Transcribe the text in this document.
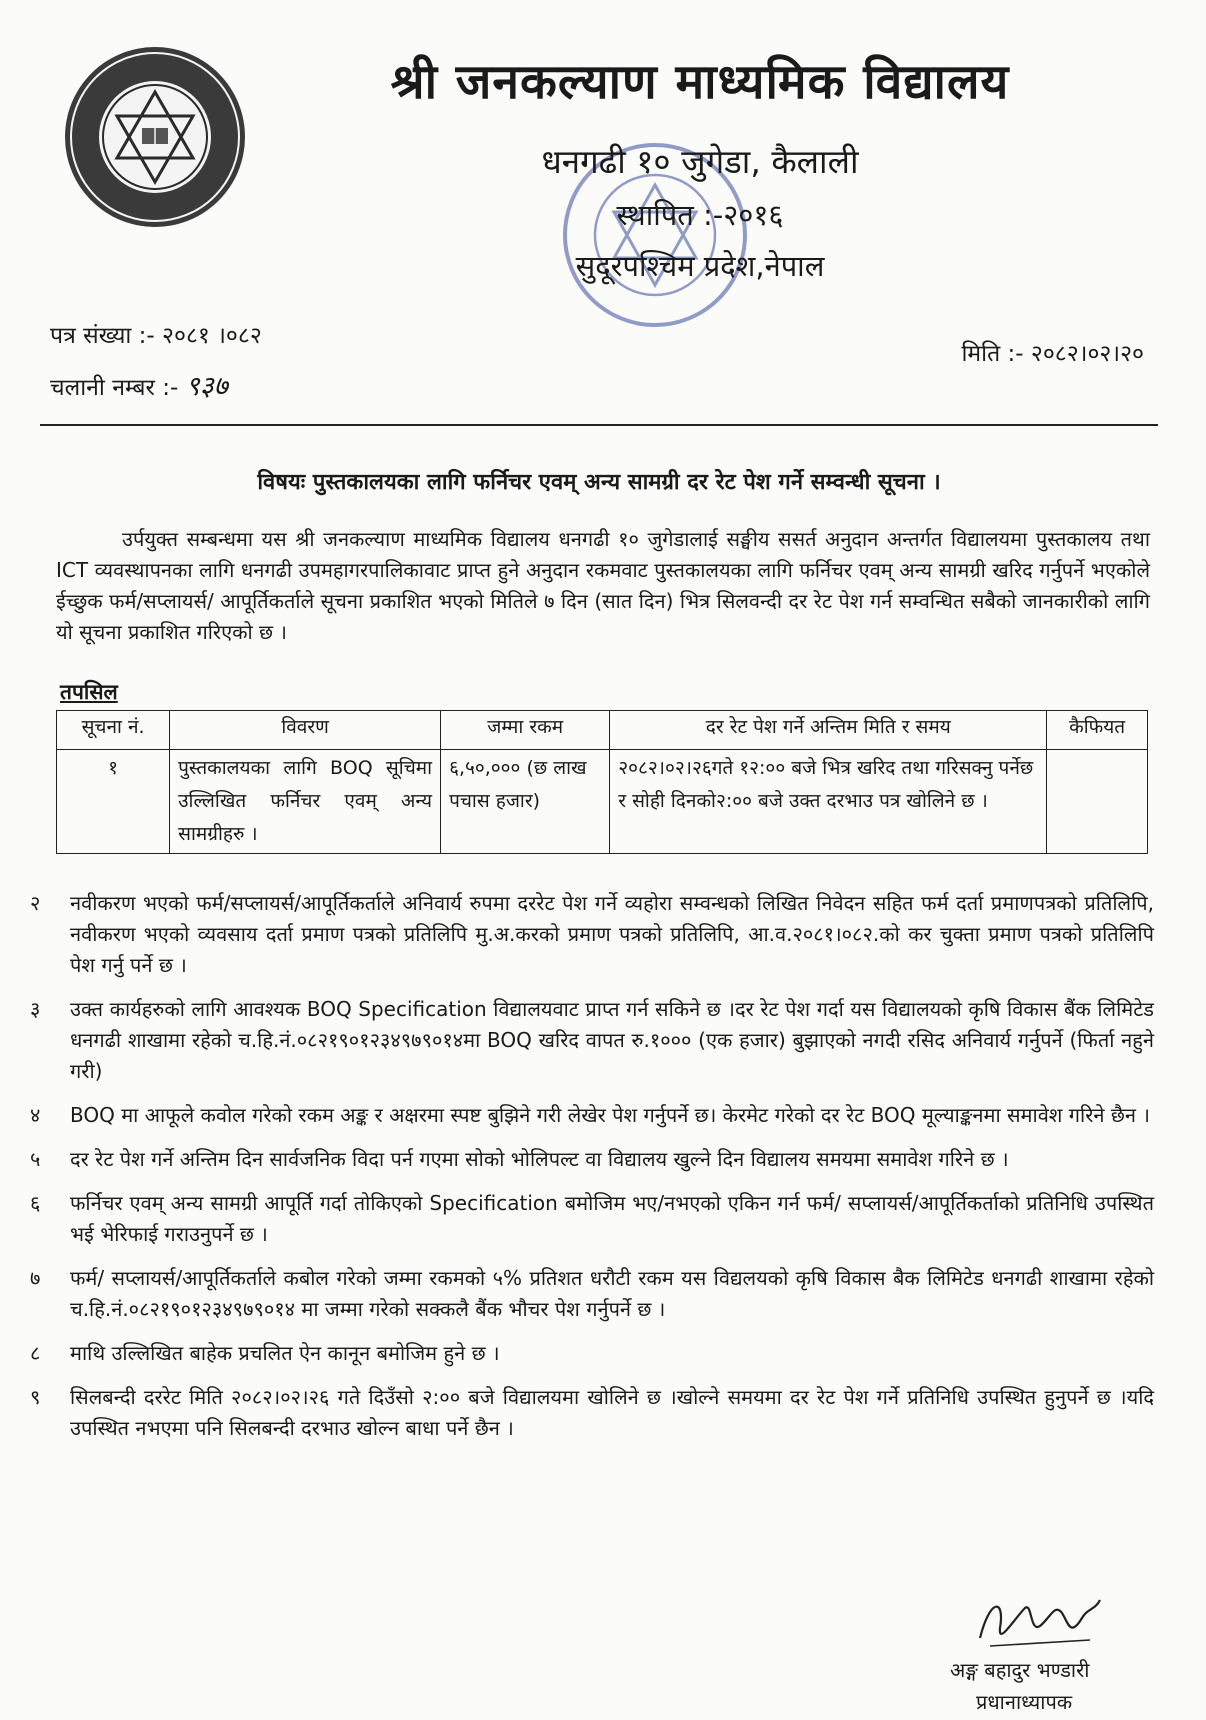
श्री जनकल्याण माध्यमिक विद्यालय
धनगढी १० जुगेडा, कैलाली
स्थापित :-२०१६
सुदूरपश्चिम प्रदेश,नेपाल
पत्र संख्या :- २०८१ ।०८२
चलानी नम्बर :- ९३७
मिति :- २०८२।०२।२०
विषयः पुस्तकालयका लागि फर्निचर एवम् अन्य सामग्री दर रेट पेश गर्ने सम्वन्धी सूचना ।
उर्पयुक्त सम्बन्धमा यस श्री जनकल्याण माध्यमिक विद्यालय धनगढी १० जुगेडालाई सङ्घीय ससर्त अनुदान अन्तर्गत विद्यालयमा पुस्तकालय तथा ICT व्यवस्थापनका लागि धनगढी उपमहागरपालिकावाट प्राप्त हुने अनुदान रकमवाट पुस्तकालयका लागि फर्निचर एवम् अन्य सामग्री खरिद गर्नुपर्ने भएकोले ईच्छुक फर्म/सप्लायर्स/ आपूर्तिकर्ताले सूचना प्रकाशित भएको मितिले ७ दिन (सात दिन) भित्र सिलवन्दी दर रेट पेश गर्न सम्वन्धित सबैको जानकारीको लागि यो सूचना प्रकाशित गरिएको छ ।
तपसिल
सूचना नं.	विवरण	जम्मा रकम	दर रेट पेश गर्ने अन्तिम मिति र समय	कैफियत
१	पुस्तकालयका लागि BOQ सूचिमा उल्लिखित फर्निचर एवम् अन्य सामग्रीहरु ।	६,५०,००० (छ लाख पचास हजार)	२०८२।०२।२६गते १२:०० बजे भित्र खरिद तथा गरिसक्नु पर्नेछ र सोही दिनको२:०० बजे उक्त दरभाउ पत्र खोलिने छ ।	
२ नवीकरण भएको फर्म/सप्लायर्स/आपूर्तिकर्ताले अनिवार्य रुपमा दररेट पेश गर्ने व्यहोरा सम्वन्धको लिखित निवेदन सहित फर्म दर्ता प्रमाणपत्रको प्रतिलिपि, नवीकरण भएको व्यवसाय दर्ता प्रमाण पत्रको प्रतिलिपि मु.अ.करको प्रमाण पत्रको प्रतिलिपि, आ.व.२०८१।०८२.को कर चुक्ता प्रमाण पत्रको प्रतिलिपि पेश गर्नु पर्ने छ ।
३ उक्त कार्यहरुको लागि आवश्यक BOQ Specification विद्यालयवाट प्राप्त गर्न सकिने छ ।दर रेट पेश गर्दा यस विद्यालयको कृषि विकास बैंक लिमिटेड धनगढी शाखामा रहेको च.हि.नं.०८२१९०१२३४९७९०१४मा BOQ खरिद वापत रु.१००० (एक हजार) बुझाएको नगदी रसिद अनिवार्य गर्नुपर्ने (फिर्ता नहुने गरी)
४ BOQ मा आफूले कवोल गरेको रकम अङ्क र अक्षरमा स्पष्ट बुझिने गरी लेखेर पेश गर्नुपर्ने छ। केरमेट गरेको दर रेट BOQ मूल्याङ्कनमा समावेश गरिने छैन ।
५ दर रेट पेश गर्ने अन्तिम दिन सार्वजनिक विदा पर्न गएमा सोको भोलिपल्ट वा विद्यालय खुल्ने दिन विद्यालय समयमा समावेश गरिने छ ।
६ फर्निचर एवम् अन्य सामग्री आपूर्ति गर्दा तोकिएको Specification बमोजिम भए/नभएको एकिन गर्न फर्म/ सप्लायर्स/आपूर्तिकर्ताको प्रतिनिधि उपस्थित भई भेरिफाई गराउनुपर्ने छ ।
७ फर्म/ सप्लायर्स/आपूर्तिकर्ताले कबोल गरेको जम्मा रकमको ५% प्रतिशत धरौटी रकम यस विद्यलयको कृषि विकास बैक लिमिटेड धनगढी शाखामा रहेको च.हि.नं.०८२१९०१२३४९७९०१४ मा जम्मा गरेको सक्कलै बैंक भौचर पेश गर्नुपर्ने छ ।
८ माथि उल्लिखित बाहेक प्रचलित ऐन कानून बमोजिम हुने छ ।
९ सिलबन्दी दररेट मिति २०८२।०२।२६ गते दिउँसो २:०० बजे विद्यालयमा खोलिने छ ।खोल्ने समयमा दर रेट पेश गर्ने प्रतिनिधि उपस्थित हुनुपर्ने छ ।यदि उपस्थित नभएमा पनि सिलबन्दी दरभाउ खोल्न बाधा पर्ने छैन ।
अङ्ग बहादुर भण्डारी
प्रधानाध्यापक
